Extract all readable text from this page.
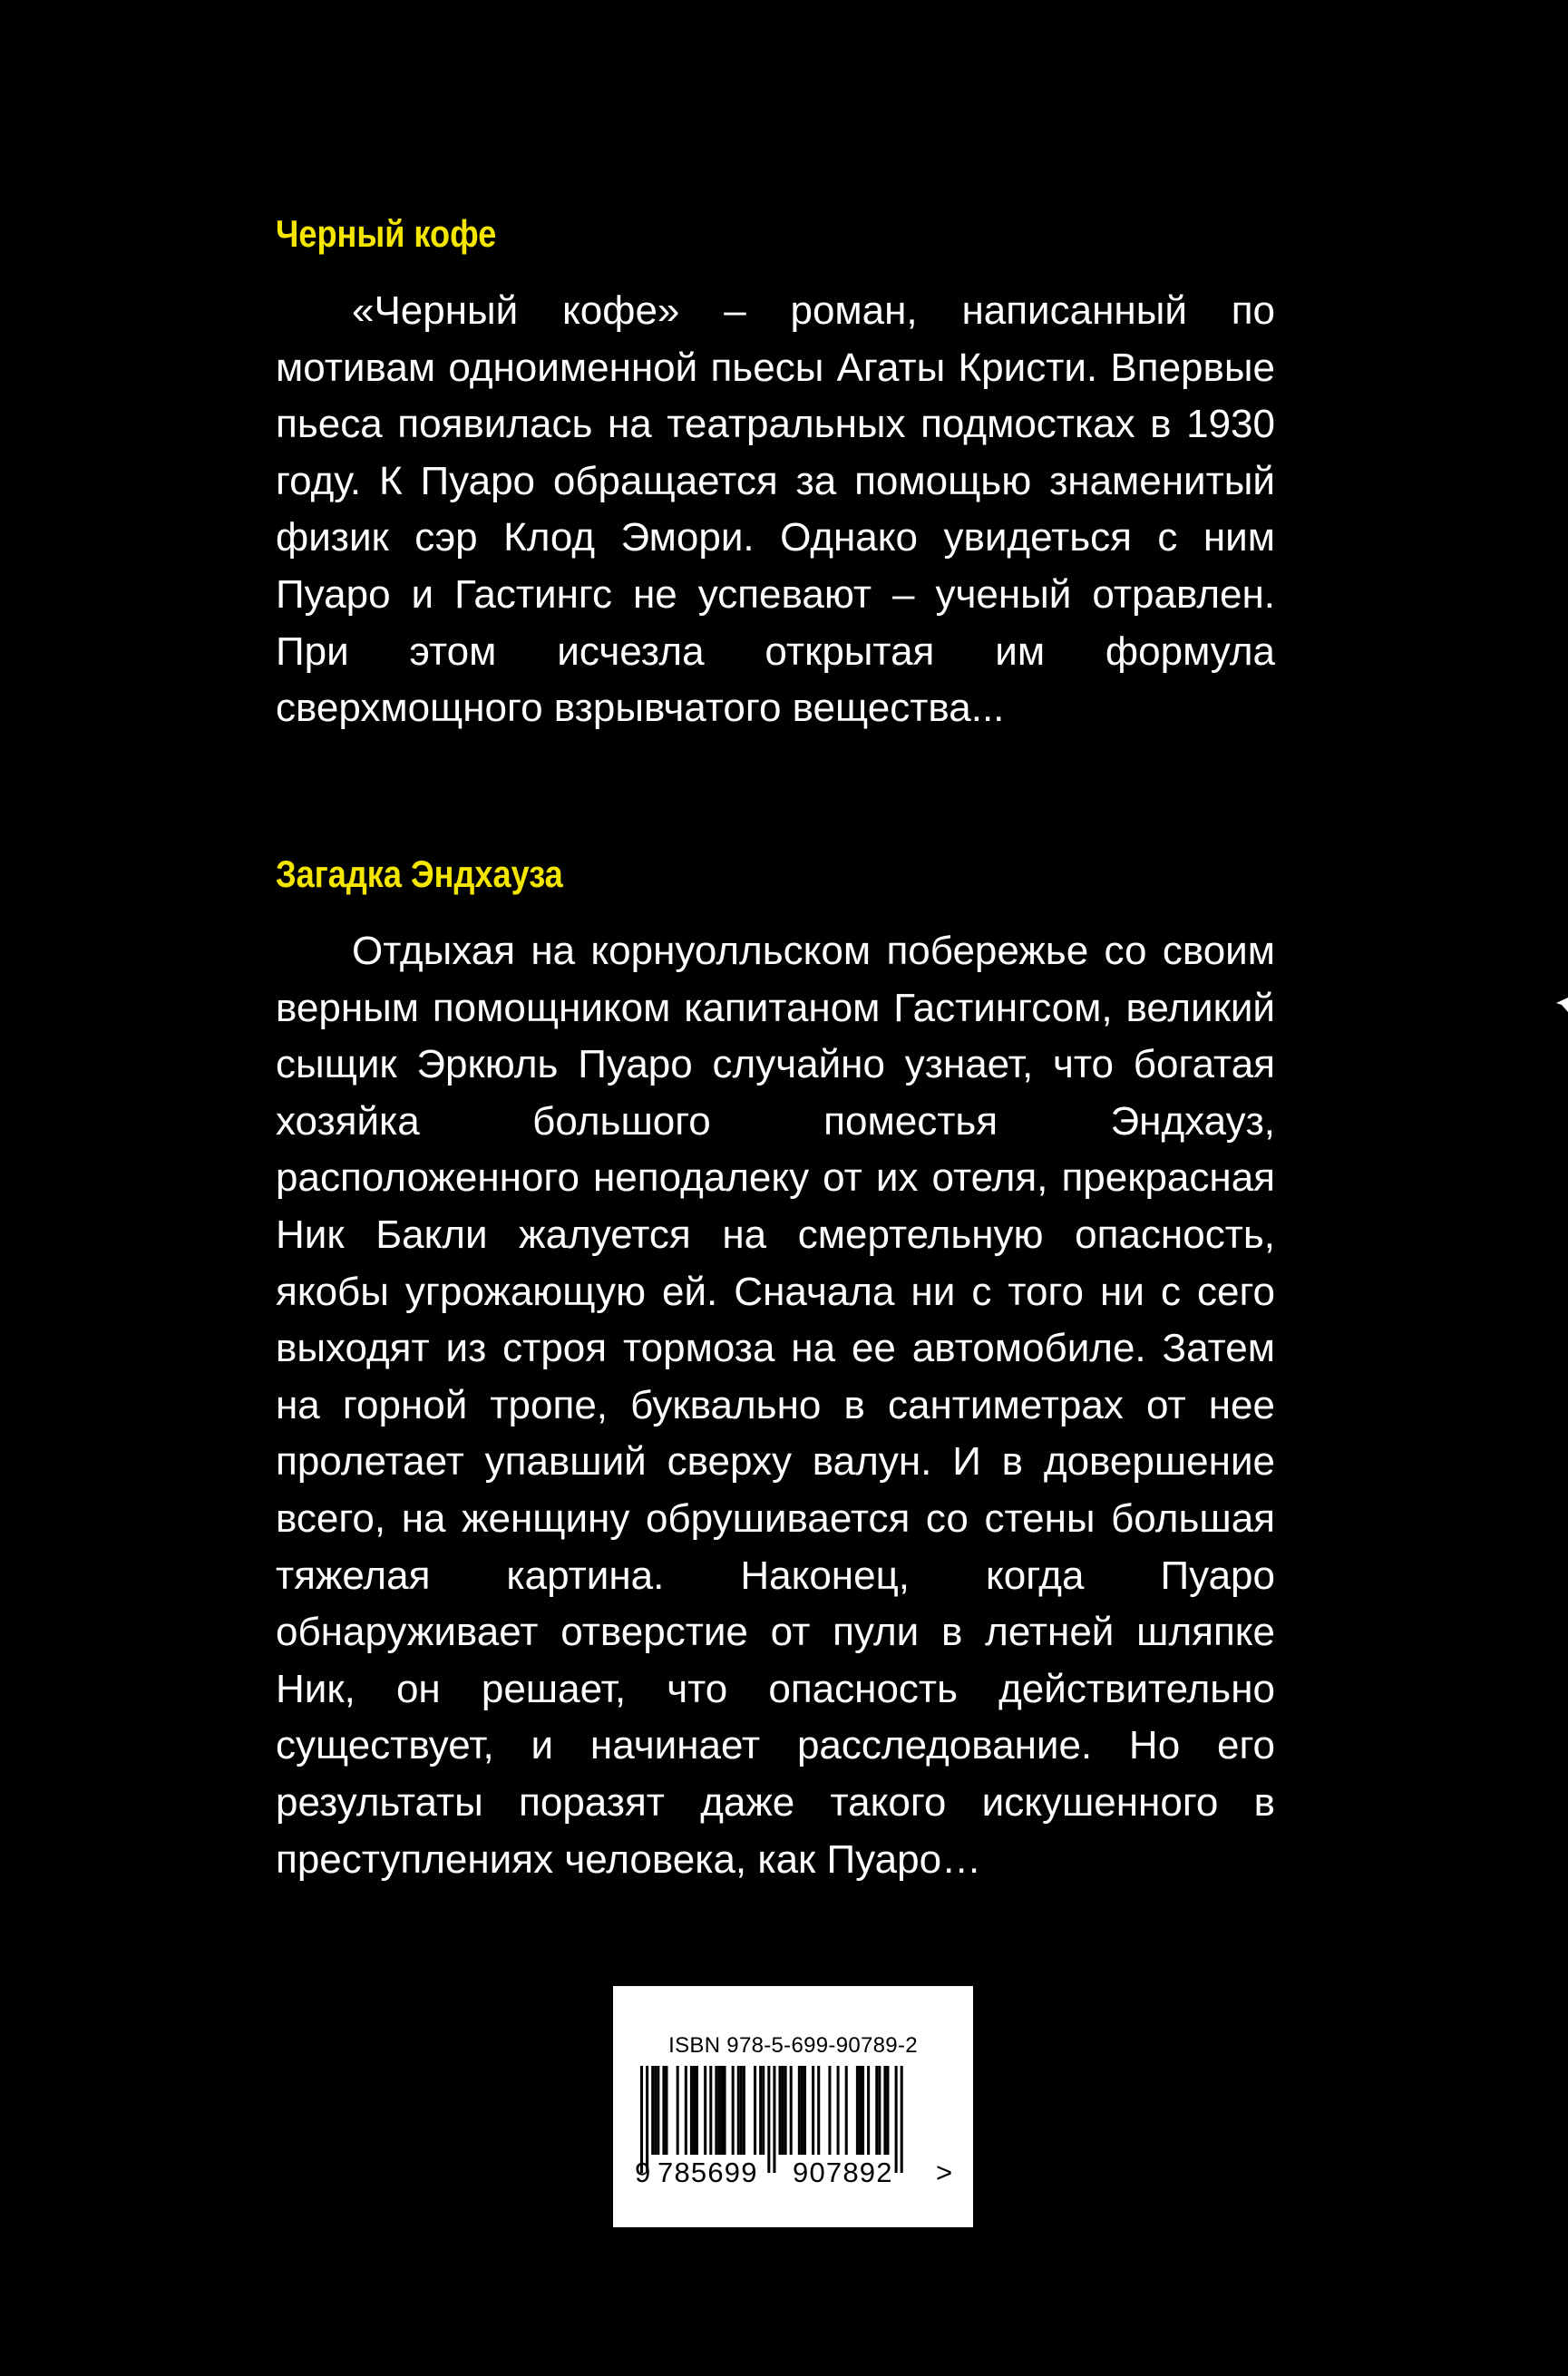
Черный кофе

«Черный кофе» – роман, написанный по мотивам одноименной пьесы Агаты Кристи. Впервые пьеса появилась на театральных подмостках в 1930 году. К Пуаро обращается за помощью знаменитый физик сэр Клод Эмори. Однако увидеться с ним Пуаро и Гастингс не успевают – ученый отравлен. При этом исчезла открытая им формула сверхмощного взрывчатого вещества...

Загадка Эндхауза

Отдыхая на корнуолльском побережье со своим верным помощником капитаном Гастингсом, великий сыщик Эркюль Пуаро случайно узнает, что богатая хозяйка большого поместья Эндхауз, расположенного неподалеку от их отеля, прекрасная Ник Бакли жалуется на смертельную опасность, якобы угрожающую ей. Сначала ни с того ни с сего выходят из строя тормоза на ее автомобиле. Затем на горной тропе, буквально в сантиметрах от нее пролетает упавший сверху валун. И в довершение всего, на женщину обрушивается со стены большая тяжелая картина. Наконец, когда Пуаро обнаруживает отверстие от пули в летней шляпке Ник, он решает, что опасность действительно существует, и начинает расследование. Но его результаты поразят даже такого искушенного в преступлениях человека, как Пуаро…

ISBN 978-5-699-90789-2
9 785699	907892	>
